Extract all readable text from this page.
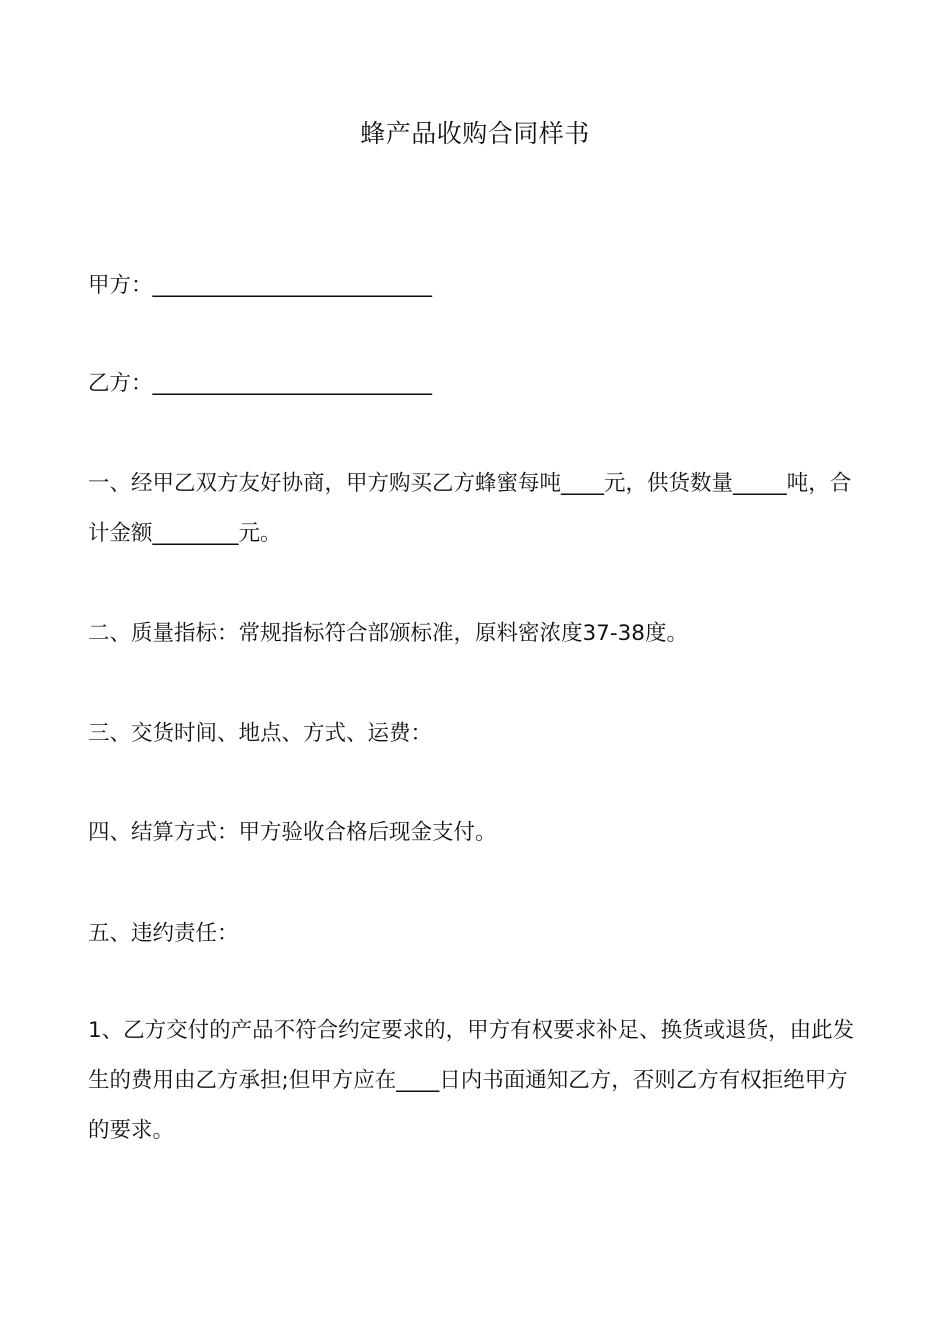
蜂产品收购合同样书
甲方：__________________________
乙方：__________________________
一、经甲乙双方友好协商，甲方购买乙方蜂蜜每吨____元，供货数量_____吨，合计金额________元。
二、质量指标：常规指标符合部颁标准，原料密浓度37-38度。
三、交货时间、地点、方式、运费：
四、结算方式：甲方验收合格后现金支付。
五、违约责任：
1、乙方交付的产品不符合约定要求的，甲方有权要求补足、换货或退货，由此发生的费用由乙方承担;但甲方应在____日内书面通知乙方，否则乙方有权拒绝甲方的要求。
